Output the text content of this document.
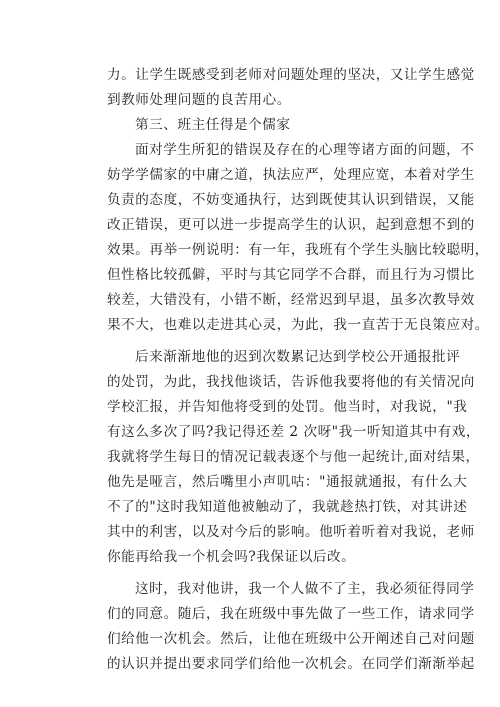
力。让学生既感受到老师对问题处理的坚决，又让学生感觉
到教师处理问题的良苦用心。
第三、班主任得是个儒家
面对学生所犯的错误及存在的心理等诸方面的问题，不
妨学学儒家的中庸之道，执法应严，处理应宽，本着对学生
负责的态度，不妨变通执行，达到既使其认识到错误，又能
改正错误，更可以进一步提高学生的认识，起到意想不到的
效果。再举一例说明：有一年，我班有个学生头脑比较聪明，
但性格比较孤僻，平时与其它同学不合群，而且行为习惯比
较差，大错没有，小错不断，经常迟到早退，虽多次教导效
果不大，也难以走进其心灵，为此，我一直苦于无良策应对。
后来渐渐地他的迟到次数累记达到学校公开通报批评
的处罚，为此，我找他谈话，告诉他我要将他的有关情况向
学校汇报，并告知他将受到的处罚。他当时，对我说，"我
有这么多次了吗?我记得还差 2 次呀"我一听知道其中有戏，
我就将学生每日的情况记载表逐个与他一起统计,面对结果，
他先是哑言，然后嘴里小声叽咕："通报就通报，有什么大
不了的"这时我知道他被触动了，我就趁热打铁，对其讲述
其中的利害，以及对今后的影响。他听着听着对我说，老师
你能再给我一个机会吗?我保证以后改。
这时，我对他讲，我一个人做不了主，我必须征得同学
们的同意。随后，我在班级中事先做了一些工作，请求同学
们给他一次机会。然后，让他在班级中公开阐述自己对问题
的认识并提出要求同学们给他一次机会。在同学们渐渐举起
